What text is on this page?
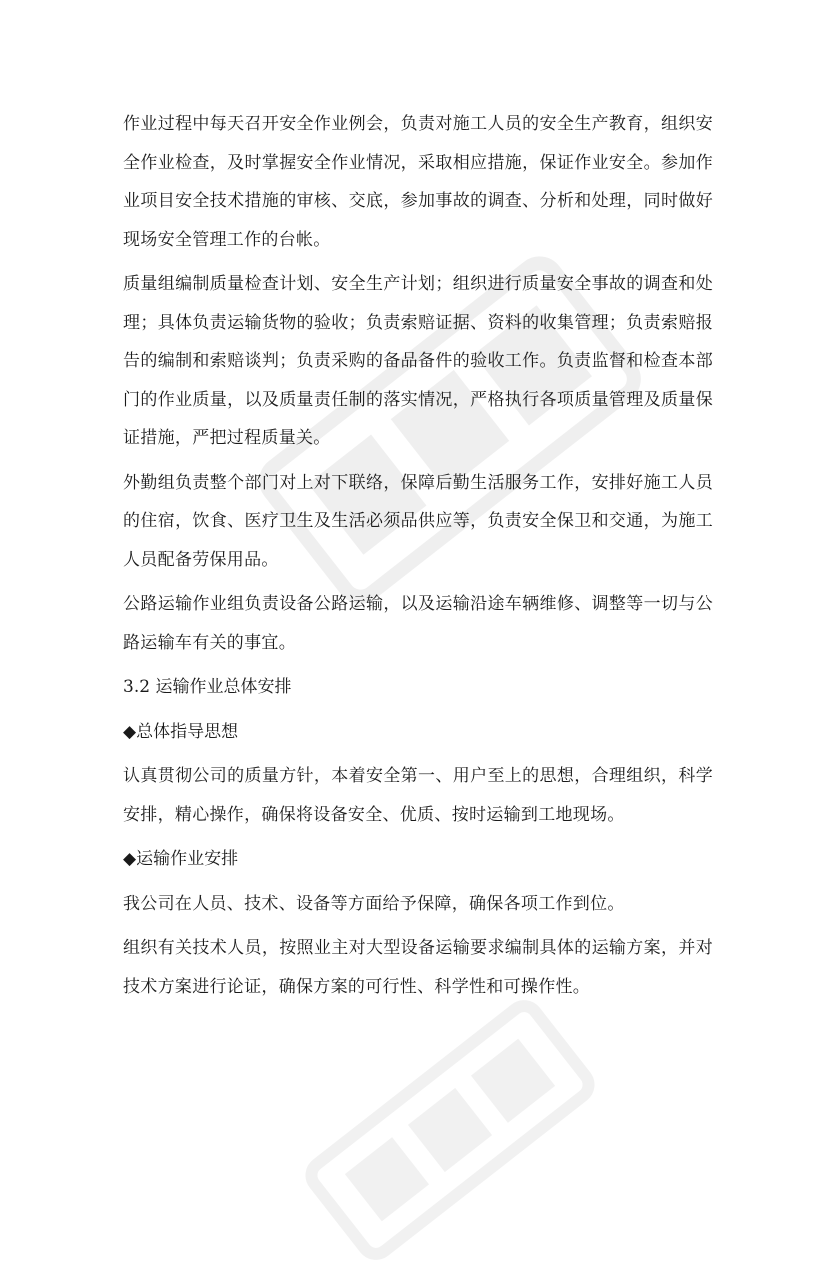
作业过程中每天召开安全作业例会，负责对施工人员的安全生产教育，组织安全作业检查，及时掌握安全作业情况，采取相应措施，保证作业安全。参加作业项目安全技术措施的审核、交底，参加事故的调查、分析和处理，同时做好现场安全管理工作的台帐。

质量组编制质量检查计划、安全生产计划；组织进行质量安全事故的调查和处理；具体负责运输货物的验收；负责索赔证据、资料的收集管理；负责索赔报告的编制和索赔谈判；负责采购的备品备件的验收工作。负责监督和检查本部门的作业质量，以及质量责任制的落实情况，严格执行各项质量管理及质量保证措施，严把过程质量关。

外勤组负责整个部门对上对下联络，保障后勤生活服务工作，安排好施工人员的住宿，饮食、医疗卫生及生活必须品供应等，负责安全保卫和交通，为施工人员配备劳保用品。

公路运输作业组负责设备公路运输，以及运输沿途车辆维修、调整等一切与公路运输车有关的事宜。

3.2 运输作业总体安排

◆总体指导思想

认真贯彻公司的质量方针，本着安全第一、用户至上的思想，合理组织，科学安排，精心操作，确保将设备安全、优质、按时运输到工地现场。

◆运输作业安排

我公司在人员、技术、设备等方面给予保障，确保各项工作到位。

组织有关技术人员，按照业主对大型设备运输要求编制具体的运输方案，并对技术方案进行论证，确保方案的可行性、科学性和可操作性。
